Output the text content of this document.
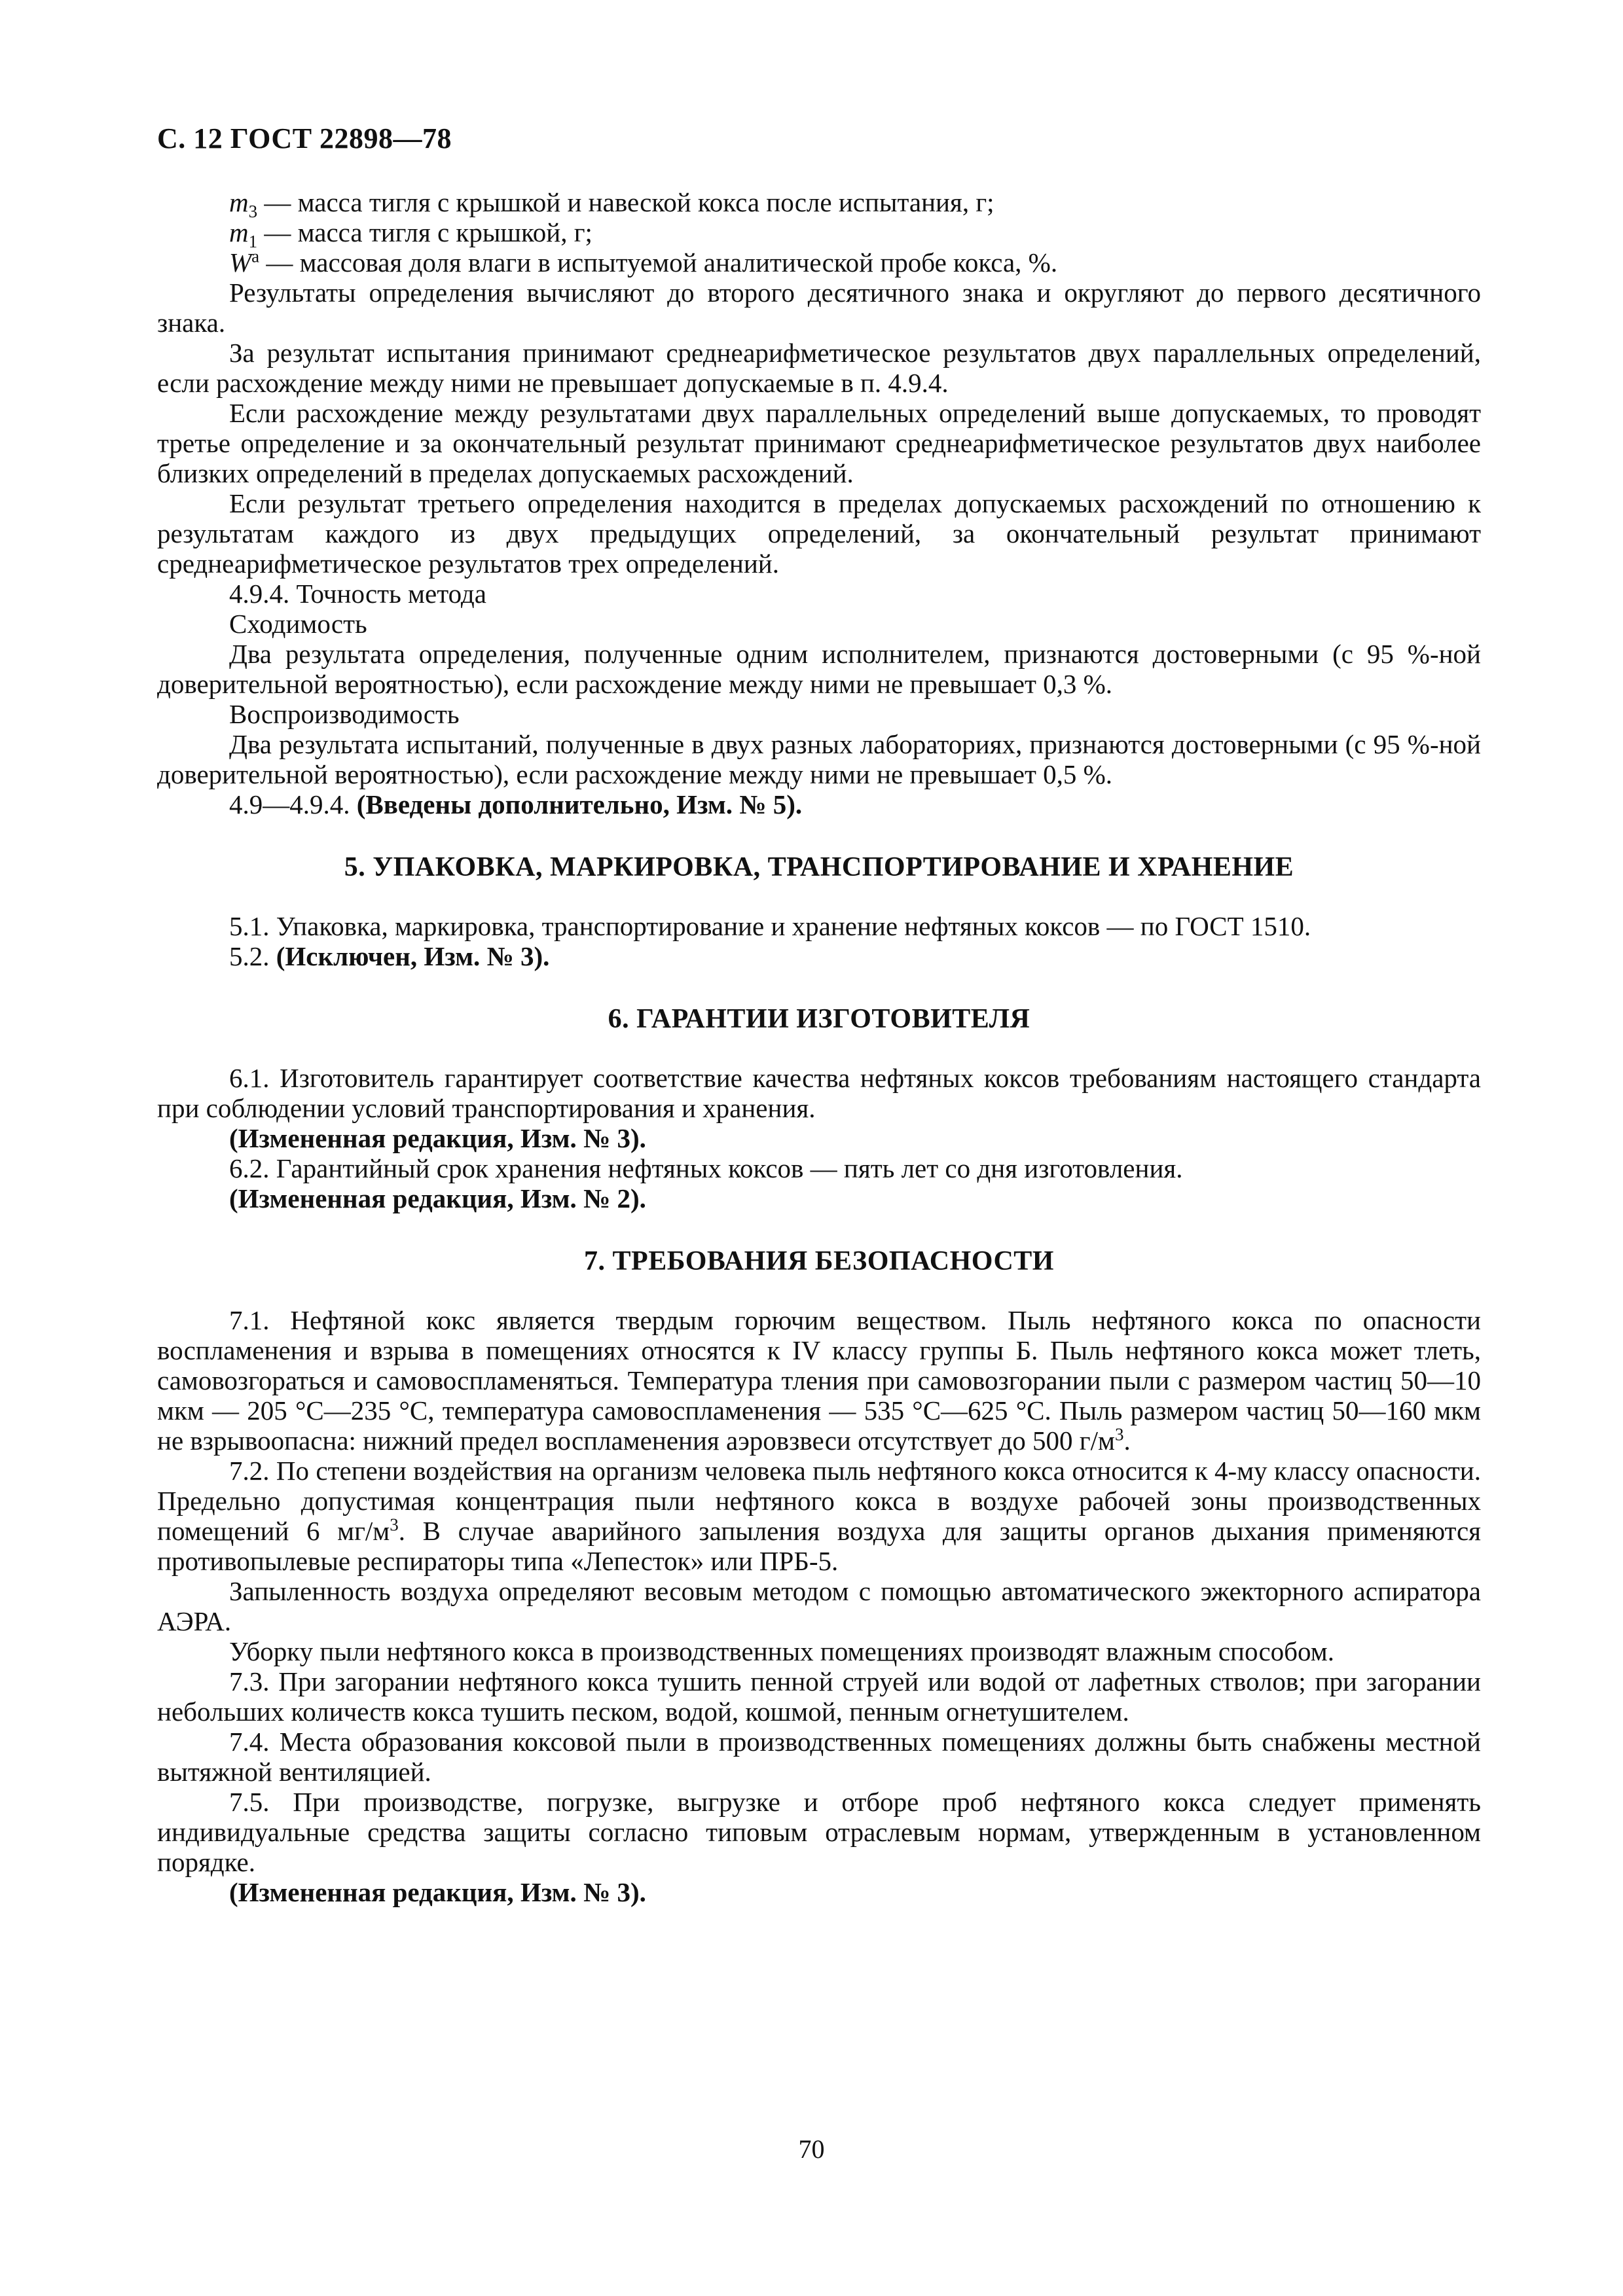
С. 12 ГОСТ 22898—78

$m_3$ — масса тигля с крышкой и навеской кокса после испытания, г;

$m_1$ — масса тигля с крышкой, г;

$W^a$ — массовая доля влаги в испытуемой аналитической пробе кокса, %.

Результаты определения вычисляют до второго десятичного знака и округляют до первого десятичного знака.

За результат испытания принимают среднеарифметическое результатов двух параллельных определений, если расхождение между ними не превышает допускаемые в п. 4.9.4.

Если расхождение между результатами двух параллельных определений выше допускаемых, то проводят третье определение и за окончательный результат принимают среднеарифметическое результатов двух наиболее близких определений в пределах допускаемых расхождений.

Если результат третьего определения находится в пределах допускаемых расхождений по отношению к результатам каждого из двух предыдущих определений, за окончательный результат принимают среднеарифметическое результатов трех определений.

4.9.4. Точность метода

Сходимость

Два результата определения, полученные одним исполнителем, признаются достоверными (с 95 %-ной доверительной вероятностью), если расхождение между ними не превышает 0,3 %.

Воспроизводимость

Два результата испытаний, полученные в двух разных лабораториях, признаются достоверными (с 95 %-ной доверительной вероятностью), если расхождение между ними не превышает 0,5 %.

4.9—4.9.4. (Введены дополнительно, Изм. № 5).

5. УПАКОВКА, МАРКИРОВКА, ТРАНСПОРТИРОВАНИЕ И ХРАНЕНИЕ

5.1. Упаковка, маркировка, транспортирование и хранение нефтяных коксов — по ГОСТ 1510.

5.2. (Исключен, Изм. № 3).

6. ГАРАНТИИ ИЗГОТОВИТЕЛЯ

6.1. Изготовитель гарантирует соответствие качества нефтяных коксов требованиям настоящего стандарта при соблюдении условий транспортирования и хранения.

(Измененная редакция, Изм. № 3).

6.2. Гарантийный срок хранения нефтяных коксов — пять лет со дня изготовления.

(Измененная редакция, Изм. № 2).

7. ТРЕБОВАНИЯ БЕЗОПАСНОСТИ

7.1. Нефтяной кокс является твердым горючим веществом. Пыль нефтяного кокса по опасности воспламенения и взрыва в помещениях относятся к IV классу группы Б. Пыль нефтяного кокса может тлеть, самовозгораться и самовоспламеняться. Температура тления при самовозгорании пыли с размером частиц 50—10 мкм — 205 °С—235 °С, температура самовоспламенения — 535 °С—625 °С. Пыль размером частиц 50—160 мкм не взрывоопасна: нижний предел воспламенения аэровзвеси отсутствует до 500 $г/м^3$.

7.2. По степени воздействия на организм человека пыль нефтяного кокса относится к 4-му классу опасности. Предельно допустимая концентрация пыли нефтяного кокса в воздухе рабочей зоны производственных помещений 6 $мг/м^3$. В случае аварийного запыления воздуха для защиты органов дыхания применяются противопылевые респираторы типа «Лепесток» или ПРБ-5.

Запыленность воздуха определяют весовым методом с помощью автоматического эжекторного аспиратора АЭРА.

Уборку пыли нефтяного кокса в производственных помещениях производят влажным способом.

7.3. При загорании нефтяного кокса тушить пенной струей или водой от лафетных стволов; при загорании небольших количеств кокса тушить песком, водой, кошмой, пенным огнетушителем.

7.4. Места образования коксовой пыли в производственных помещениях должны быть снабжены местной вытяжной вентиляцией.

7.5. При производстве, погрузке, выгрузке и отборе проб нефтяного кокса следует применять индивидуальные средства защиты согласно типовым отраслевым нормам, утвержденным в установленном порядке.

(Измененная редакция, Изм. № 3).

70
